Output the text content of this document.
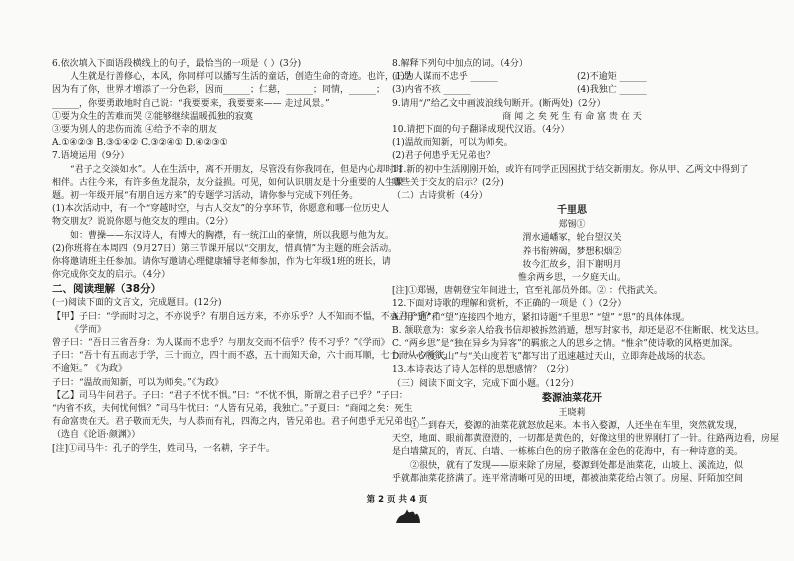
6.依次填入下面语段横线上的句子，最恰当的一项是（ ）(3分)
人生就是行善修心，本风，你同样可以播写生活的童话，创造生命的奇迹。也许，正是
因为有了你，世界才增添了一分色彩，因而______；仁慈，______；同情，______；
______，你要勇敢地时自己说：“我要要来，我要要来—— 走过风景。”
①要为众生的苦难而哭 ②能够继续温暖孤独的寂寞
③要为别人的悲伤而流 ④给予不幸的朋友
A.①④②③ B.③①④② C.③②④① D.④②③①
7.语境运用（9分）
“君子之交淡如水”。人在生活中，离不开朋友，尽管没有你我同在，但是内心却时时
相伴。古往今来，有许多鱼龙混杂，友分益损。可见，如何认识朋友是十分重要的人生课
题。初一年级开展“有朋自远方来”的专题学习活动，请你参与完成下列任务。
(1)本次活动中，有一个“穿越时空，与古人交友”的分享环节，你愿意和哪一位历史人
物交朋友？说说你愿与他交友的理由。（2分）
如：曹操——东汉诗人，有博大的胸襟，有一统江山的豪情，所以我愿与他为友。
(2)你班将在本周四（9月27日）第三节课开展以“交朋友，惜真情”为主题的班会活动。
你将邀请班主任参加。请你写邀请心理健康辅导老师参加，作为七年级1班的班长，请
你完成你交友的启示。（4分）
二、阅读理解（38分）
(一)阅读下面的文言文，完成题目。(12分)
【甲】子曰：“学而时习之，不亦说乎？有朋自远方来，不亦乐乎？人不知而不愠，不亦君子乎？”
《学而》
曾子曰：“吾日三省吾身：为人谋而不忠乎？与朋友交而不信乎？传不习乎？”《学而》
子曰：“吾十有五而志于学，三十而立，四十而不惑，五十而知天命，六十而耳顺，七十而从心所欲，
不逾矩。” 《为政》
子曰：“温故而知新，可以为师矣。”《为政》
【乙】司马牛问君子。子曰：“君子不忧不惧。”曰：“不忧不惧，斯谓之君子已乎？”子曰：
“内省不疚，夫何忧何惧？”司马牛忧曰：“人皆有兄弟，我独亡。”子夏曰：“商闻之矣：死生
有命富贵在天。君子敬而无失，与人恭而有礼，四海之内，皆兄弟也。君子何患乎无兄弟也？”
（选自《论语·颜渊》）
[注]①司马牛：孔子的学生，姓司马，一名耕，字子牛。
8.解释下列句中加点的词。（4分）
(1)为人谋而不忠乎 ______	(2)不逾矩 ______
(3)内省不疚 ______	(4)我独亡 ______
9.请用“/”给乙文中画波浪线句断开。(断两处)（2分）
商 闻 之 矣 死 生 有 命 富 贵 在 天
10.请把下面的句子翻译成现代汉语。（4分）
(1)温故而知新，可以为师矣。
(2)君子何患乎无兄弟也？
11.新的初中生活刚刚开始，或许有同学正因困扰于结交新朋友。你从甲、乙两文中得到了
哪些关于交友的启示？(2分)
（二）古诗赏析（4分）
千里思
郑锡①
渭水通嶓冢，轮台望汉关
养书衔辨碣，梦想积烟②
妆今汇故乡，泪下谢明月
惟余两乡思，一夕庭天山。
[注]①郑锡，唐朝登宝年间进士，官至礼部员外郎。② ：代指武关。
12.下面对诗歌的理解和赏析，不正确的一项是（ ）（2分）
A. 用“通”和“望”连接四个地方，紧扣诗题“千里思” “望” “思”的具体体现。
B. 颔联意为：家乡亲人给我书信却被拆然消遁，想写封家书，却还是忍不住断眠、枕戈达旦。
C. “两乡思”是“独在异乡为异客”的羁旅之人的思乡之情。“惟余”使诗歌的风格更加深。
D. “一夕度天山”与“关山度若飞”都写出了迅速越过天山，立即奔赴战场的状态。
13.本诗表达了诗人怎样的思想感情？（2分）
（三）阅读下面文字，完成下面小题。（12分）
婺源油菜花开
王晓莉
①一到春天，婺源的油菜花就怒放起来。本书入婺源，人还坐在车里，突然就发现，
天空，地面、眼前都黄澄澄的，一切都是黄色的，好像这里的世界刚打了一针。往路两边看，房屋
是白墙黛瓦的，青瓦、白墙、一栋栋白色的房子散落在金色的花海中，有一种诗意的美。
②很快，就有了发现——原来除了房屋，婺源到处都是油菜花，山坡上、溪流边，似
乎就都油菜花挤满了。连平常清晰可见的田埂，都被油菜花给占领了。房屋、阡陌加空间
第 2 页 共 4 页
